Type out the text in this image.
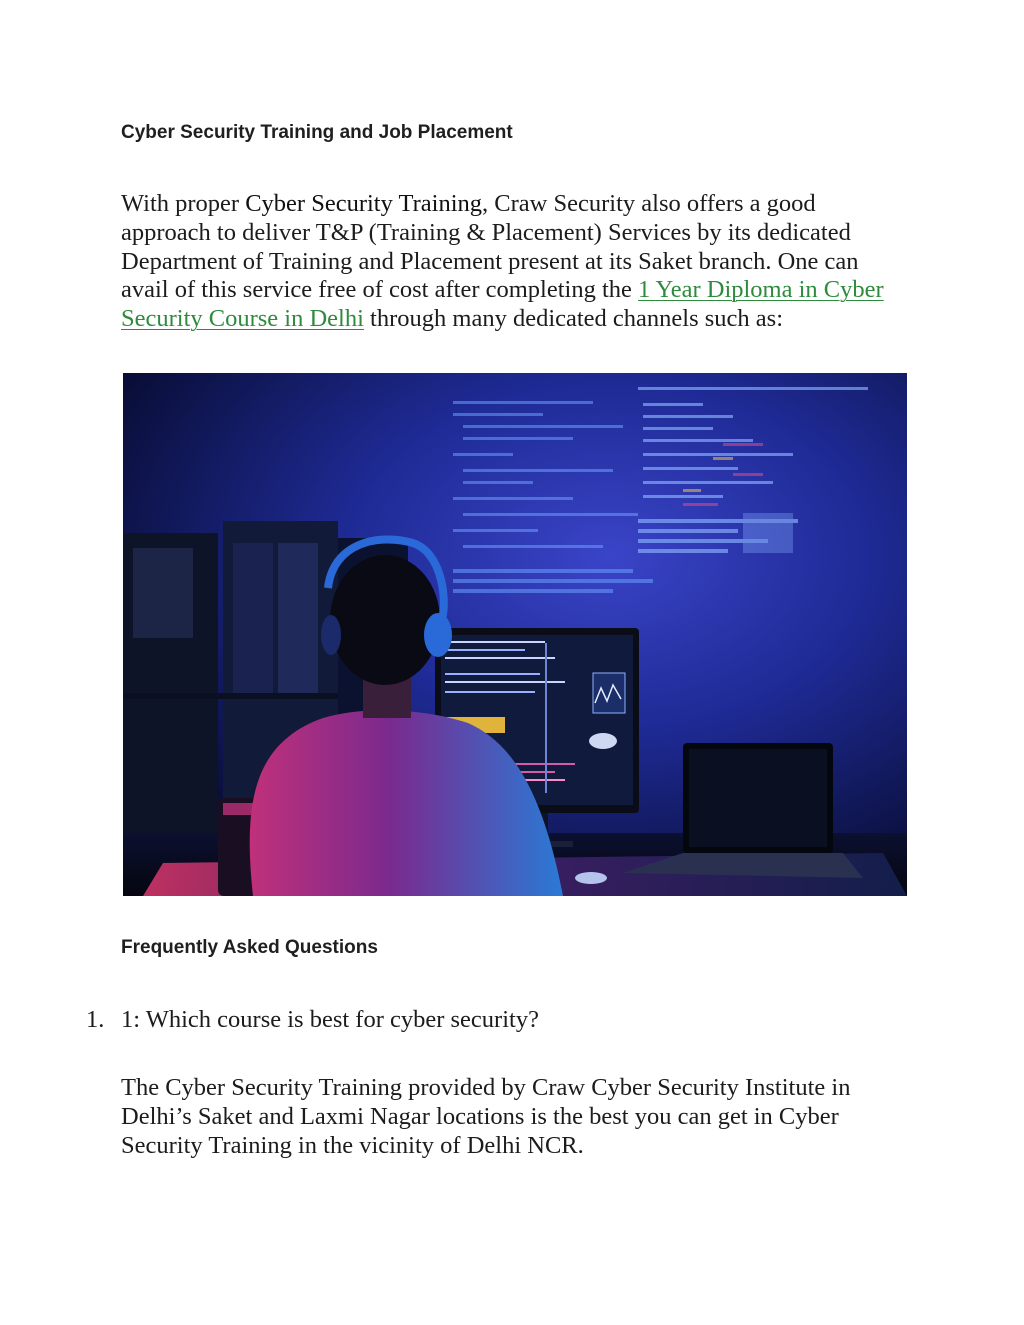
Cyber Security Training and Job Placement

With proper Cyber Security Training, Craw Security also offers a good approach to deliver T&P (Training & Placement) Services by its dedicated Department of Training and Placement present at its Saket branch. One can avail of this service free of cost after completing the 1 Year Diploma in Cyber Security Course in Delhi through many dedicated channels such as:

Frequently Asked Questions
1. 1: Which course is best for cyber security?

The Cyber Security Training provided by Craw Cyber Security Institute in Delhi’s Saket and Laxmi Nagar locations is the best you can get in Cyber Security Training in the vicinity of Delhi NCR.
